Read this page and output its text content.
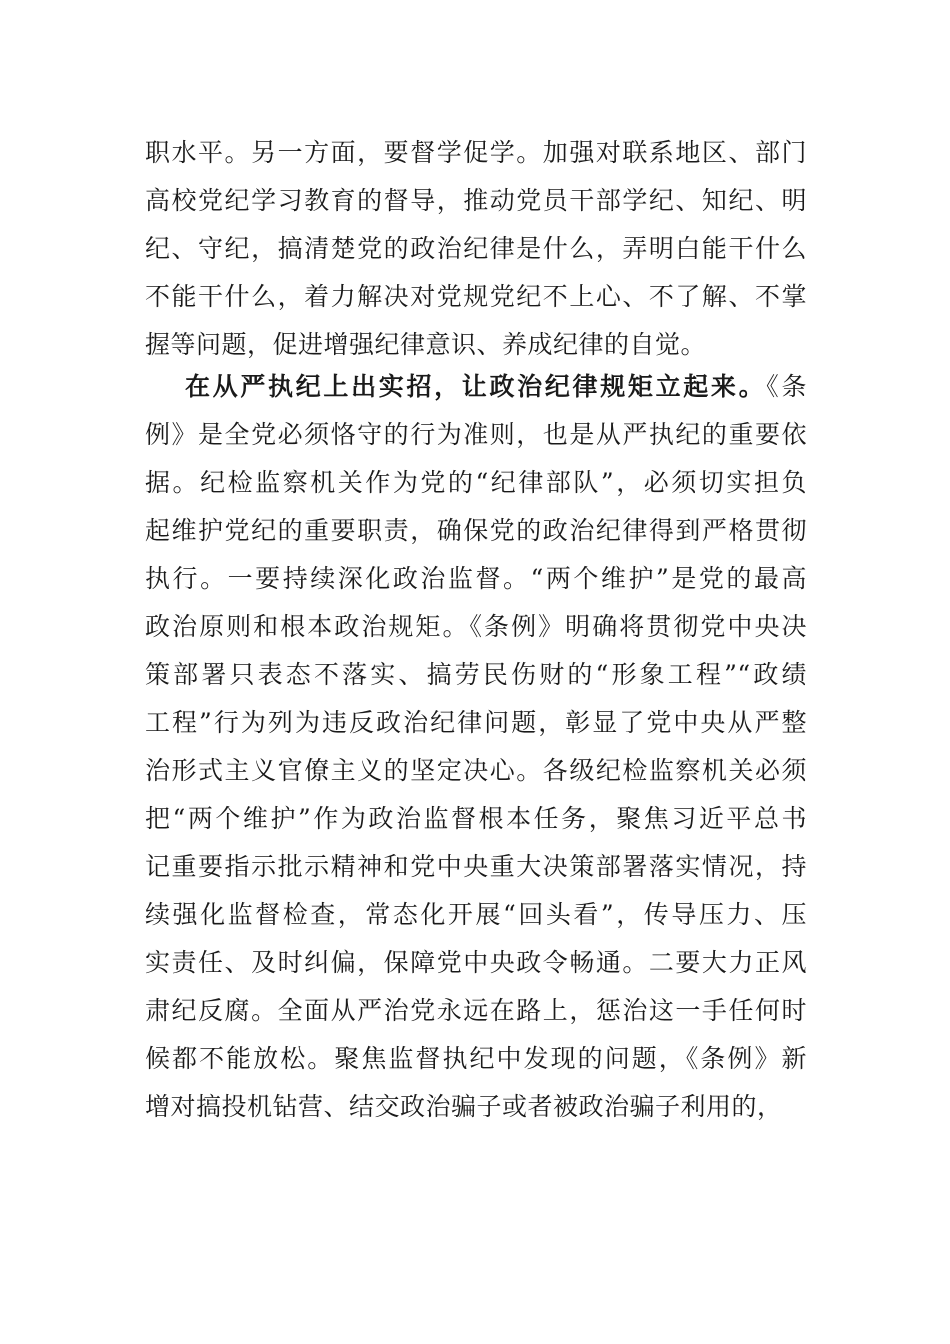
职水平。另一方面，要督学促学。加强对联系地区、部门
高校党纪学习教育的督导，推动党员干部学纪、知纪、明
纪、守纪，搞清楚党的政治纪律是什么，弄明白能干什么
不能干什么，着力解决对党规党纪不上心、不了解、不掌
握等问题，促进增强纪律意识、养成纪律的自觉。
在从严执纪上出实招，让政治纪律规矩立起来。《条
例》是全党必须恪守的行为准则，也是从严执纪的重要依
据。纪检监察机关作为党的“纪律部队”，必须切实担负
起维护党纪的重要职责，确保党的政治纪律得到严格贯彻
执行。一要持续深化政治监督。“两个维护”是党的最高
政治原则和根本政治规矩。《条例》明确将贯彻党中央决
策部署只表态不落实、搞劳民伤财的“形象工程”“政绩
工程”行为列为违反政治纪律问题，彰显了党中央从严整
治形式主义官僚主义的坚定决心。各级纪检监察机关必须
把“两个维护”作为政治监督根本任务，聚焦习近平总书
记重要指示批示精神和党中央重大决策部署落实情况，持
续强化监督检查，常态化开展“回头看”，传导压力、压
实责任、及时纠偏，保障党中央政令畅通。二要大力正风
肃纪反腐。全面从严治党永远在路上，惩治这一手任何时
候都不能放松。聚焦监督执纪中发现的问题，《条例》新
增对搞投机钻营、结交政治骗子或者被政治骗子利用的，
